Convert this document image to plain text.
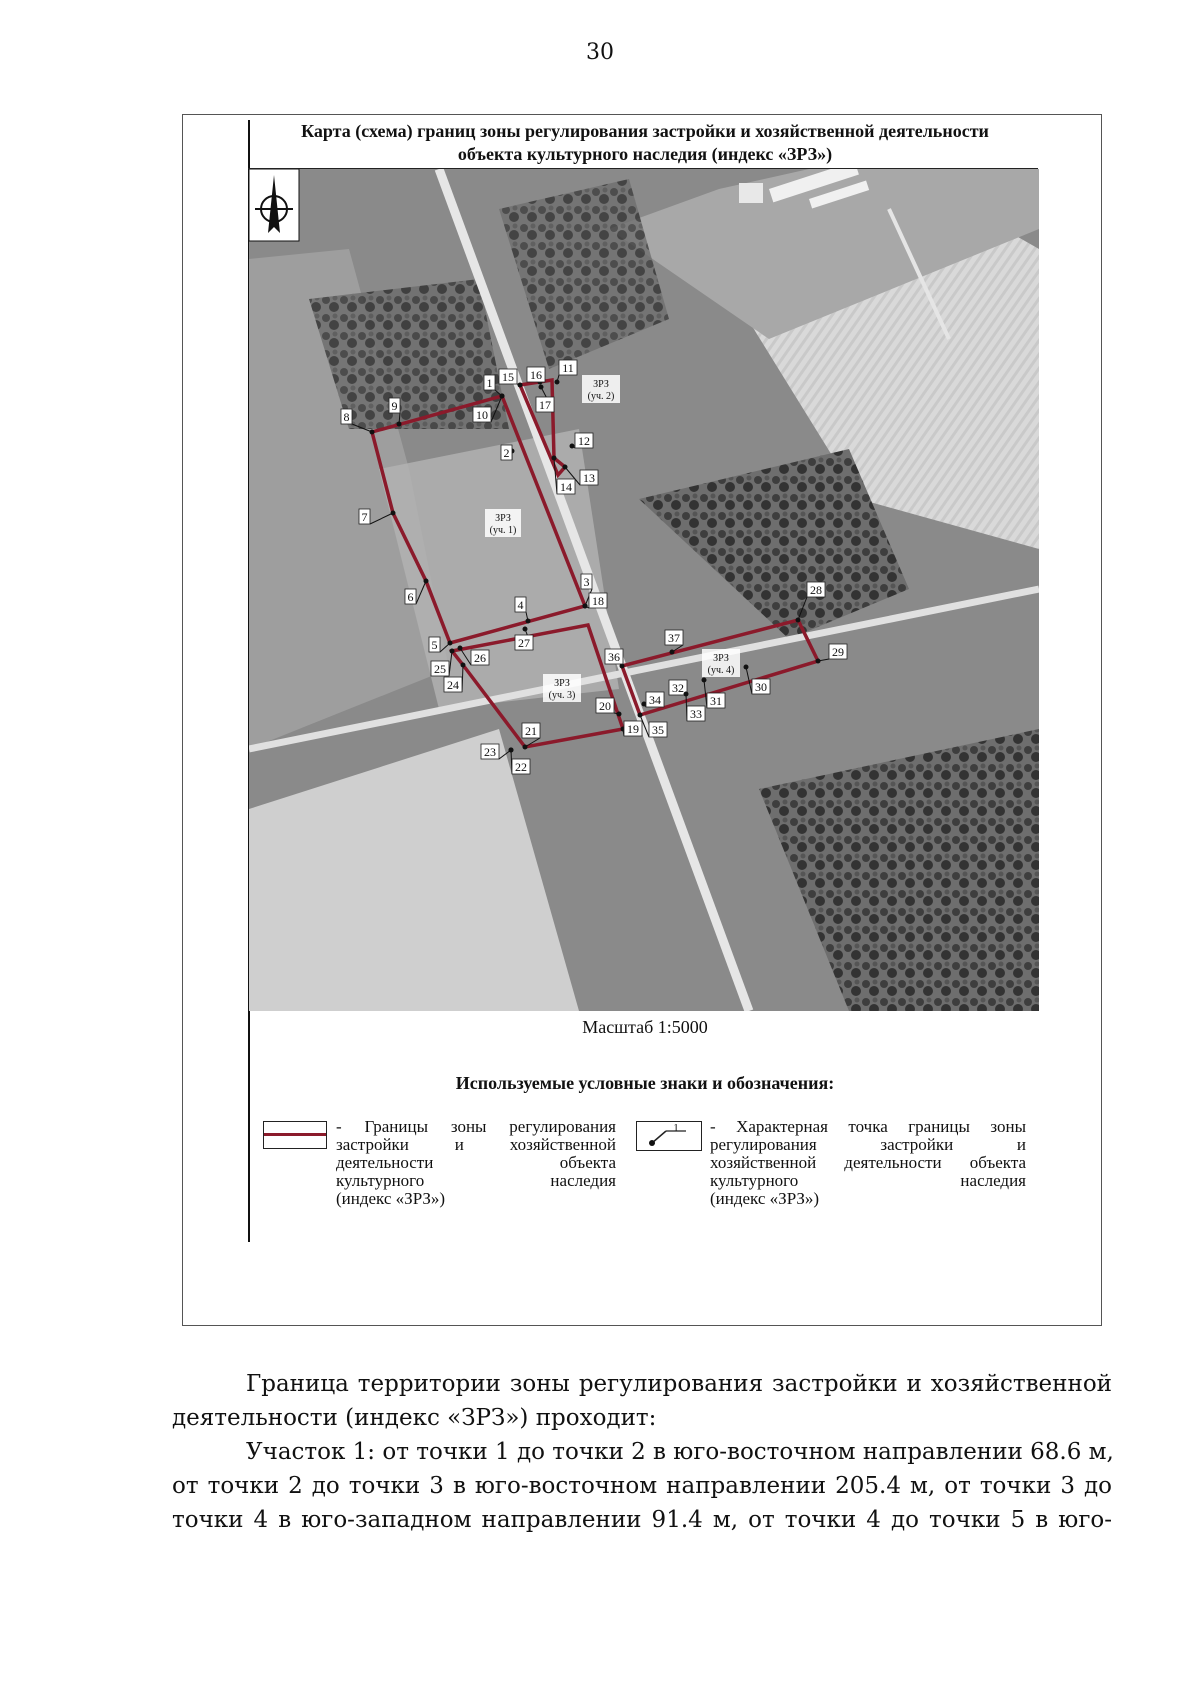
30
Карта (схема) границ зоны регулирования застройки и хозяйственной деятельности
объекта культурного наследия (индекс «ЗРЗ»)
ЗРЗ
(уч. 1)
ЗРЗ
(уч. 2)
ЗРЗ
(уч. 3)
ЗРЗ
(уч. 4)
1
2
3
4
5
6
7
8
9
10
11
12
13
14
15 16
17
18
19
20
21
22
23
24
25
26
27
28
29
30
31
32
33
34
35
36
37
Масштаб 1:5000
Используемые условные знаки и обозначения:
- Границы зоны регулирования
застройки и хозяйственной
деятельности объекта
культурного наследия
(индекс «ЗРЗ»)
1 - Характерная точка границы зоны
регулирования застройки и
хозяйственной деятельности объекта
культурного наследия
(индекс «ЗРЗ»)
Граница территории зоны регулирования застройки и хозяйственной
деятельности (индекс «ЗРЗ») проходит:
Участок 1: от точки 1 до точки 2 в юго-восточном направлении 68.6 м,
от точки 2 до точки 3 в юго-восточном направлении 205.4 м, от точки 3 до
точки 4 в юго-западном направлении 91.4 м, от точки 4 до точки 5 в юго-
